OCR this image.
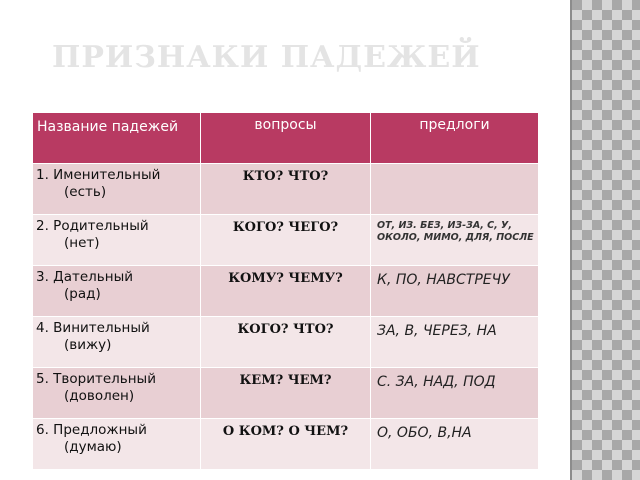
ПРИЗНАКИ ПАДЕЖЕЙ
Название падежей	вопросы	предлоги

1. Именительный
(есть)	КТО? ЧТО?	

2. Родительный
(нет)	КОГО? ЧЕГО?	ОТ, ИЗ. БЕЗ, ИЗ-ЗА, С, У, ОКОЛО, МИМО, ДЛЯ, ПОСЛЕ

3. Дательный
(рад)	КОМУ? ЧЕМУ?	К, ПО, НАВСТРЕЧУ

4. Винительный
(вижу)	КОГО? ЧТО?	ЗА, В, ЧЕРЕЗ, НА

5. Творительный
(доволен)	КЕМ? ЧЕМ?	С. ЗА, НАД, ПОД

6. Предложный
(думаю)	О КОМ? О ЧЕМ?	О, ОБО, В,НА
